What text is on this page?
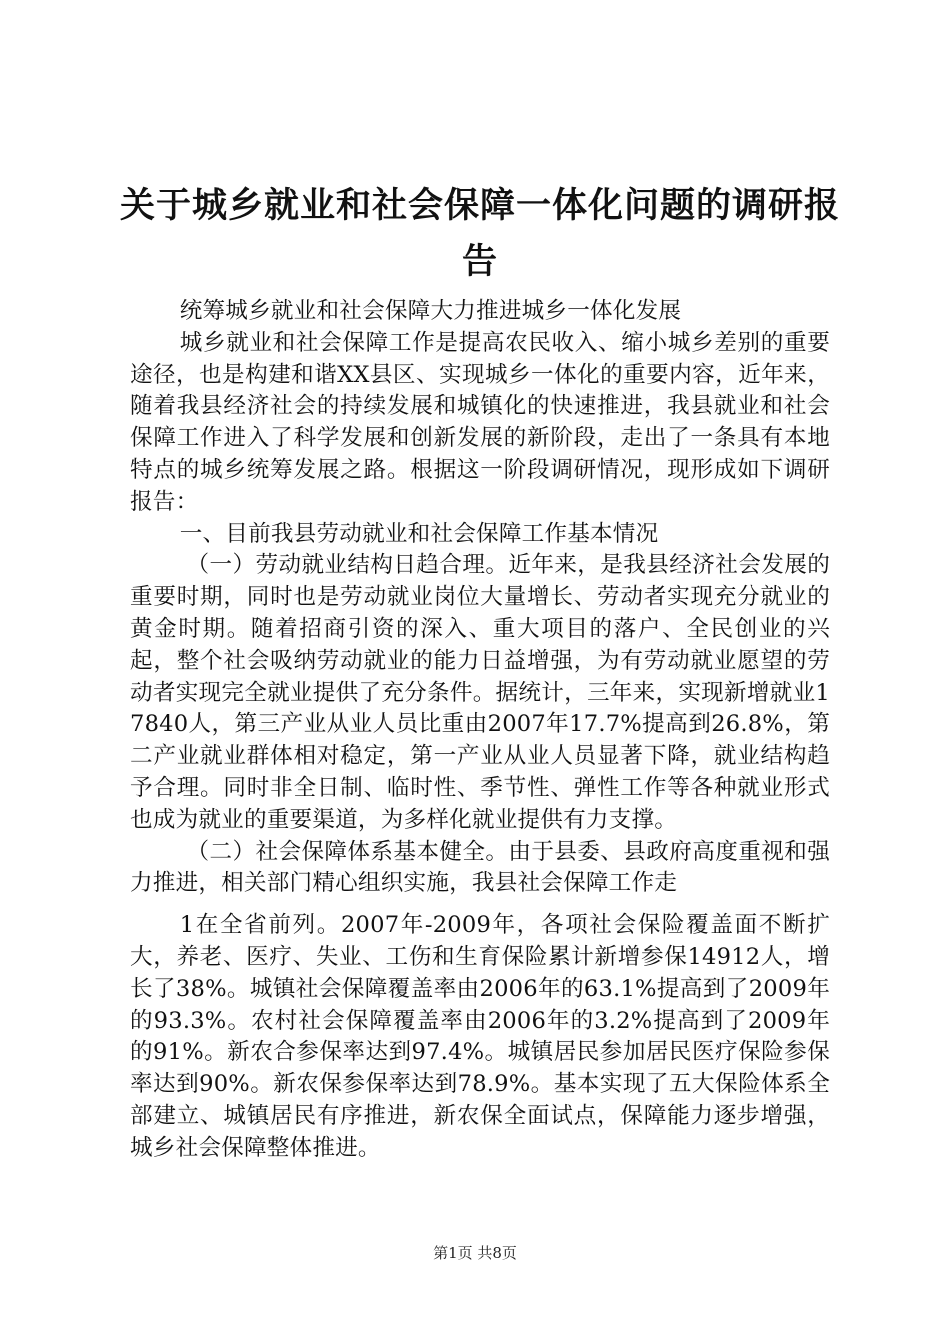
关于城乡就业和社会保障一体化问题的调研报告

统筹城乡就业和社会保障大力推进城乡一体化发展

城乡就业和社会保障工作是提高农民收入、缩小城乡差别的重要途径，也是构建和谐XX县区、实现城乡一体化的重要内容，近年来，随着我县经济社会的持续发展和城镇化的快速推进，我县就业和社会保障工作进入了科学发展和创新发展的新阶段，走出了一条具有本地特点的城乡统筹发展之路。根据这一阶段调研情况，现形成如下调研报告：

一、目前我县劳动就业和社会保障工作基本情况

（一）劳动就业结构日趋合理。近年来，是我县经济社会发展的重要时期，同时也是劳动就业岗位大量增长、劳动者实现充分就业的黄金时期。随着招商引资的深入、重大项目的落户、全民创业的兴起，整个社会吸纳劳动就业的能力日益增强，为有劳动就业愿望的劳动者实现完全就业提供了充分条件。据统计，三年来，实现新增就业17840人，第三产业从业人员比重由2007年17.7%提高到26.8%，第二产业就业群体相对稳定，第一产业从业人员显著下降，就业结构趋予合理。同时非全日制、临时性、季节性、弹性工作等各种就业形式也成为就业的重要渠道，为多样化就业提供有力支撑。

（二）社会保障体系基本健全。由于县委、县政府高度重视和强力推进，相关部门精心组织实施，我县社会保障工作走

1在全省前列。2007年-2009年，各项社会保险覆盖面不断扩大，养老、医疗、失业、工伤和生育保险累计新增参保14912人，增长了38%。城镇社会保障覆盖率由2006年的63.1%提高到了2009年的93.3%。农村社会保障覆盖率由2006年的3.2%提高到了2009年的91%。新农合参保率达到97.4%。城镇居民参加居民医疗保险参保率达到90%。新农保参保率达到78.9%。基本实现了五大保险体系全部建立、城镇居民有序推进，新农保全面试点，保障能力逐步增强，城乡社会保障整体推进。

第1页 共8页
